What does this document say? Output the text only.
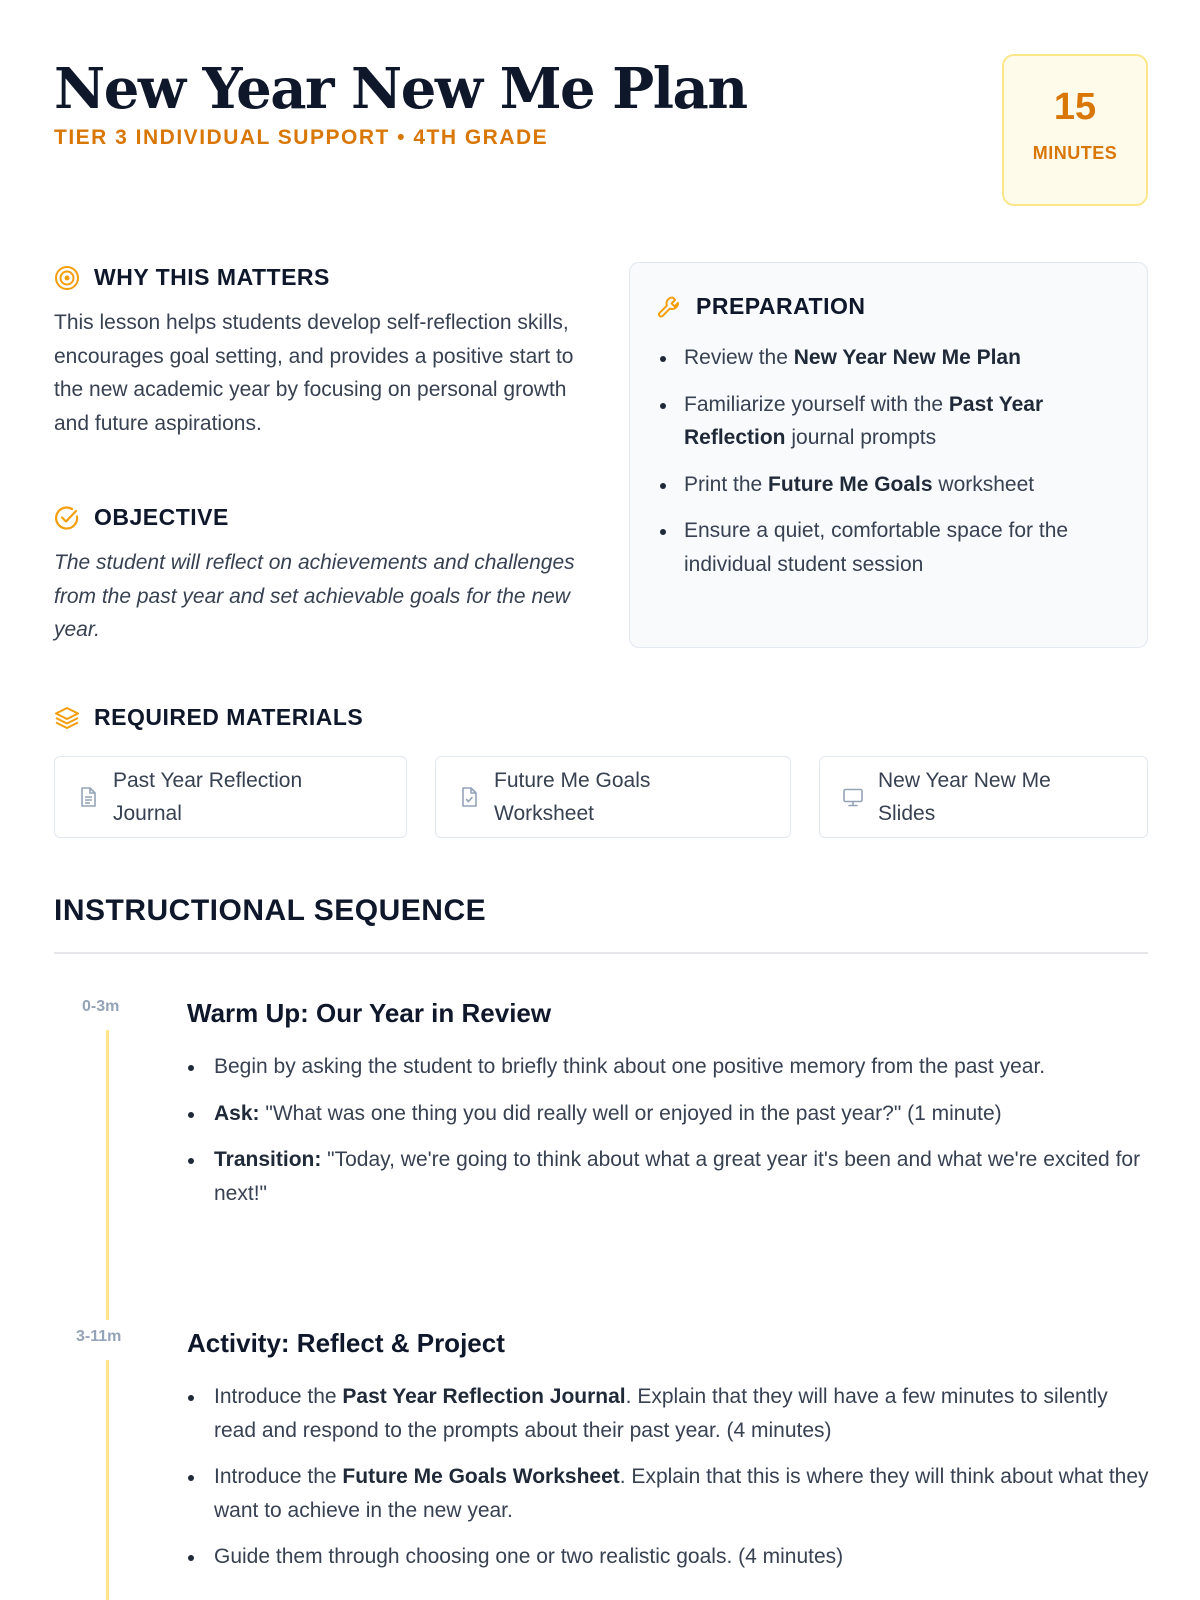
New Year New Me Plan
TIER 3 INDIVIDUAL SUPPORT • 4TH GRADE
15
MINUTES
WHY THIS MATTERS
This lesson helps students develop self-reflection skills, encourages goal setting, and provides a positive start to the new academic year by focusing on personal growth and future aspirations.
OBJECTIVE
The student will reflect on achievements and challenges from the past year and set achievable goals for the new year.
PREPARATION
Review the New Year New Me Plan
Familiarize yourself with the Past Year Reflection journal prompts
Print the Future Me Goals worksheet
Ensure a quiet, comfortable space for the individual student session
REQUIRED MATERIALS
Past Year Reflection Journal
Future Me Goals Worksheet
New Year New Me Slides
INSTRUCTIONAL SEQUENCE
0-3m	Warm Up: Our Year in Review
Begin by asking the student to briefly think about one positive memory from the past year.
Ask: "What was one thing you did really well or enjoyed in the past year?" (1 minute)
Transition: "Today, we're going to think about what a great year it's been and what we're excited for next!"
3-11m	Activity: Reflect & Project
Introduce the Past Year Reflection Journal. Explain that they will have a few minutes to silently read and respond to the prompts about their past year. (4 minutes)
Introduce the Future Me Goals Worksheet. Explain that this is where they will think about what they want to achieve in the new year.
Guide them through choosing one or two realistic goals. (4 minutes)
